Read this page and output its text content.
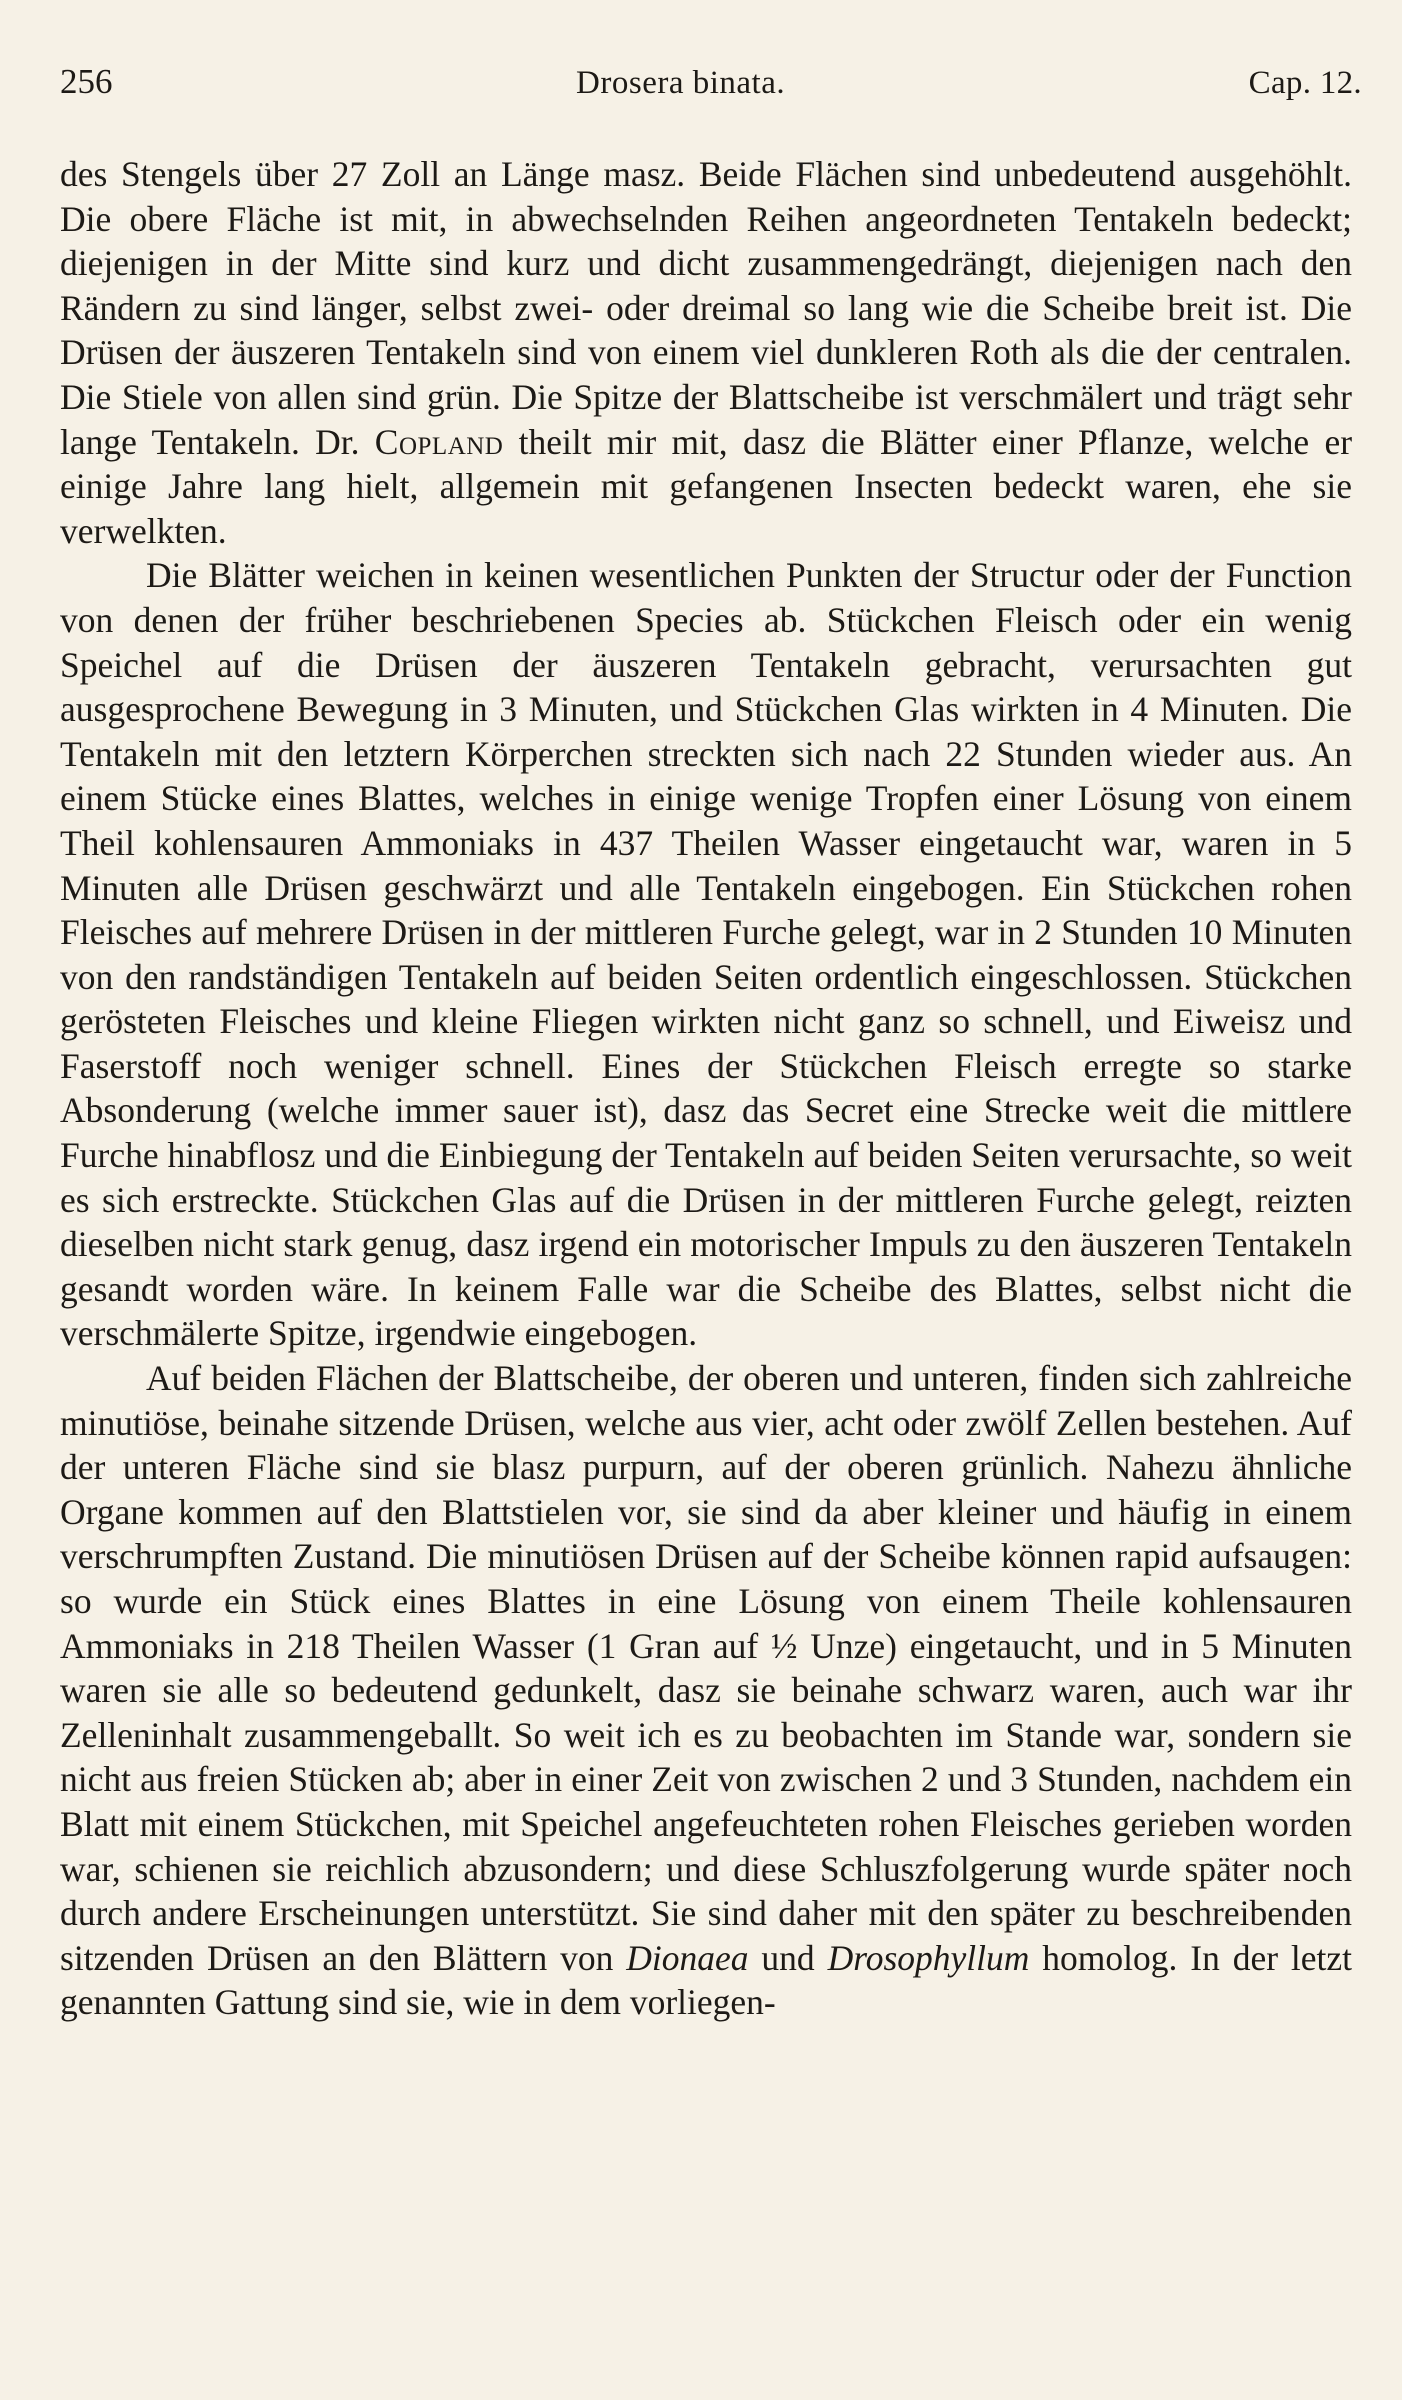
256	Drosera binata.	Cap. 12.

des Stengels über 27 Zoll an Länge masz. Beide Flächen sind unbedeutend ausgehöhlt. Die obere Fläche ist mit, in abwechselnden Reihen angeordneten Tentakeln bedeckt; diejenigen in der Mitte sind kurz und dicht zusammengedrängt, diejenigen nach den Rändern zu sind länger, selbst zwei- oder dreimal so lang wie die Scheibe breit ist. Die Drüsen der äuszeren Tentakeln sind von einem viel dunkleren Roth als die der centralen. Die Stiele von allen sind grün. Die Spitze der Blattscheibe ist verschmälert und trägt sehr lange Tentakeln. Dr. Copland theilt mir mit, dasz die Blätter einer Pflanze, welche er einige Jahre lang hielt, allgemein mit gefangenen Insecten bedeckt waren, ehe sie verwelkten.

Die Blätter weichen in keinen wesentlichen Punkten der Structur oder der Function von denen der früher beschriebenen Species ab. Stückchen Fleisch oder ein wenig Speichel auf die Drüsen der äuszeren Tentakeln gebracht, verursachten gut ausgesprochene Bewegung in 3 Minuten, und Stückchen Glas wirkten in 4 Minuten. Die Tentakeln mit den letztern Körperchen streckten sich nach 22 Stunden wieder aus. An einem Stücke eines Blattes, welches in einige wenige Tropfen einer Lösung von einem Theil kohlensauren Ammoniaks in 437 Theilen Wasser eingetaucht war, waren in 5 Minuten alle Drüsen geschwärzt und alle Tentakeln eingebogen. Ein Stückchen rohen Fleisches auf mehrere Drüsen in der mittleren Furche gelegt, war in 2 Stunden 10 Minuten von den randständigen Tentakeln auf beiden Seiten ordentlich eingeschlossen. Stückchen gerösteten Fleisches und kleine Fliegen wirkten nicht ganz so schnell, und Eiweisz und Faserstoff noch weniger schnell. Eines der Stückchen Fleisch erregte so starke Absonderung (welche immer sauer ist), dasz das Secret eine Strecke weit die mittlere Furche hinabflosz und die Einbiegung der Tentakeln auf beiden Seiten verursachte, so weit es sich erstreckte. Stückchen Glas auf die Drüsen in der mittleren Furche gelegt, reizten dieselben nicht stark genug, dasz irgend ein motorischer Impuls zu den äuszeren Tentakeln gesandt worden wäre. In keinem Falle war die Scheibe des Blattes, selbst nicht die verschmälerte Spitze, irgendwie eingebogen.

Auf beiden Flächen der Blattscheibe, der oberen und unteren, finden sich zahlreiche minutiöse, beinahe sitzende Drüsen, welche aus vier, acht oder zwölf Zellen bestehen. Auf der unteren Fläche sind sie blasz purpurn, auf der oberen grünlich. Nahezu ähnliche Organe kommen auf den Blattstielen vor, sie sind da aber kleiner und häufig in einem verschrumpften Zustand. Die minutiösen Drüsen auf der Scheibe können rapid aufsaugen: so wurde ein Stück eines Blattes in eine Lösung von einem Theile kohlensauren Ammoniaks in 218 Theilen Wasser (1 Gran auf ½ Unze) eingetaucht, und in 5 Minuten waren sie alle so bedeutend gedunkelt, dasz sie beinahe schwarz waren, auch war ihr Zelleninhalt zusammengeballt. So weit ich es zu beobachten im Stande war, sondern sie nicht aus freien Stücken ab; aber in einer Zeit von zwischen 2 und 3 Stunden, nachdem ein Blatt mit einem Stückchen, mit Speichel angefeuchteten rohen Fleisches gerieben worden war, schienen sie reichlich abzusondern; und diese Schluszfolgerung wurde später noch durch andere Erscheinungen unterstützt. Sie sind daher mit den später zu beschreibenden sitzenden Drüsen an den Blättern von Dionaea und Drosophyllum homolog. In der letzt genannten Gattung sind sie, wie in dem vorliegen-
